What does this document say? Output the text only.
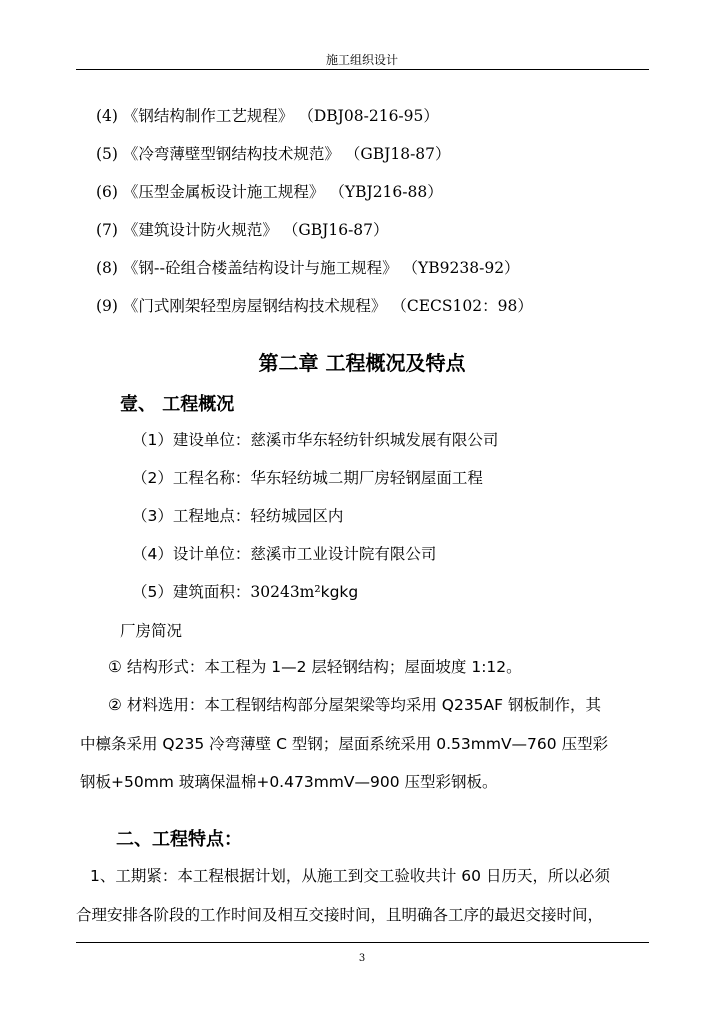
施工组织设计
(4) 《钢结构制作工艺规程》 （DBJ08-216-95）
(5) 《冷弯薄壁型钢结构技术规范》 （GBJ18-87）
(6) 《压型金属板设计施工规程》 （YBJ216-88）
(7) 《建筑设计防火规范》 （GBJ16-87）
(8) 《钢--砼组合楼盖结构设计与施工规程》 （YB9238-92）
(9) 《门式刚架轻型房屋钢结构技术规程》 （CECS102：98）
第二章 工程概况及特点
壹、 工程概况
（1）建设单位：慈溪市华东轻纺针织城发展有限公司
（2）工程名称：华东轻纺城二期厂房轻钢屋面工程
（3）工程地点：轻纺城园区内
（4）设计单位：慈溪市工业设计院有限公司
（5）建筑面积：30243m²kgkg
厂房简况
① 结构形式：本工程为 1—2 层轻钢结构；屋面坡度 1:12。
② 材料选用：本工程钢结构部分屋架梁等均采用 Q235AF 钢板制作，其
中檩条采用 Q235 冷弯薄壁 C 型钢；屋面系统采用 0.53mmV—760 压型彩
钢板+50mm 玻璃保温棉+0.473mmV—900 压型彩钢板。
二、工程特点：
1、工期紧：本工程根据计划，从施工到交工验收共计 60 日历天，所以必须
合理安排各阶段的工作时间及相互交接时间，且明确各工序的最迟交接时间，
3
